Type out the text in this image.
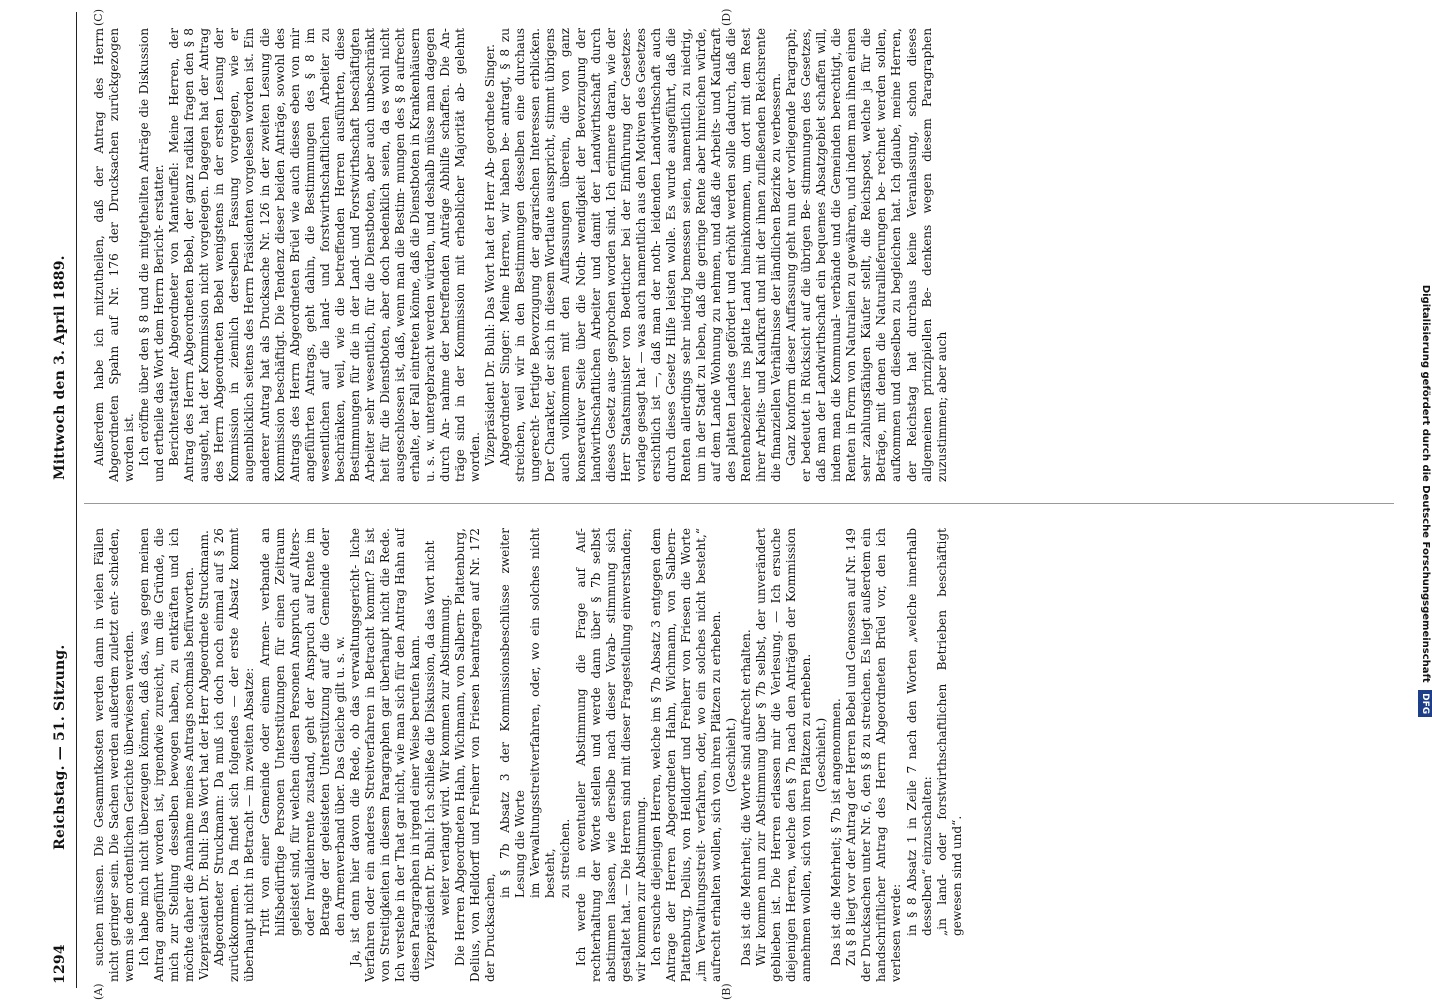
1294
Reichstag. — 51. Sitzung.
Mittwoch den 3. April 1889.
(A)	(B)
(C)	(D)

suchen müssen. Die Gesammtkosten werden dann in vielen Fällen nicht geringer sein. Die Sachen werden außerdem zuletzt ent- schieden, wenn sie dem ordentlichen Gerichte überwiesen werden. Ich habe mich nicht überzeugen können, daß das, was gegen meinen Antrag angeführt worden ist, irgendwie zureicht, um die Gründe, die mich zur Stellung desselben bewogen haben, zu entkräften und ich möchte daher die Annahme meines Antrags nochmals befürworten. Vizepräsident Dr. Buhl: Das Wort hat der Herr Abgeordnete Struckmann. Abgeordneter Struckmann: Da muß ich doch noch einmal auf § 26 zurückkommen. Da findet sich folgendes — der erste Absatz kommt überhaupt nicht in Betracht — im zweiten Absatze: Tritt von einer Gemeinde oder einem Armen- verbande an hilfsbedürftige Personen Unterstützungen für einen Zeitraum geleistet sind, für welchen diesen Personen Anspruch auf Alters- oder Invalidenrente zustand, geht der Anspruch auf Rente im Betrage der geleisteten Unterstützung auf die Gemeinde oder den Armenverband über. Das Gleiche gilt u. s. w. Ja, ist denn hier davon die Rede, ob das verwaltungsgericht- liche Verfahren oder ein anderes Streitverfahren in Betracht kommt? Es ist von Streitigkeiten in diesem Paragraphen gar überhaupt nicht die Rede. Ich verstehe in der That gar nicht, wie man sich für den Antrag Hahn auf diesen Paragraphen in irgend einer Weise berufen kann. Vizepräsident Dr. Buhl: Ich schließe die Diskussion, da das Wort nicht weiter verlangt wird. Wir kommen zur Abstimmung. Die Herren Abgeordneten Hahn, Wichmann, von Salbern- Plattenburg, Delius, von Helldorff und Freiherr von Friesen beantragen auf Nr. 172 der Drucksachen,

in § 7b Absatz 3 der Kommissionsbeschlüsse zweiter Lesung die Worte im Verwaltungsstreitverfahren, oder, wo ein solches nicht besteht, zu streichen. Ich werde in eventueller Abstimmung die Frage auf Auf- rechterhaltung der Worte stellen und werde dann über § 7b selbst abstimmen lassen, wie derselbe nach dieser Vorab- stimmung sich gestaltet hat. — Die Herren sind mit dieser Fragestellung einverstanden; wir kommen zur Abstimmung. Ich ersuche diejenigen Herren, welche im § 7b Absatz 3 entgegen dem Antrage der Herren Abgeordneten Hahn, Wichmann, von Salbern-Plattenburg, Delius, von Helldorff und Freiherr von Friesen die Worte „im Verwaltungsstreit- verfahren, oder, wo ein solches nicht besteht,“ aufrecht erhalten wollen, sich von ihren Plätzen zu erheben. (Geschieht.) Das ist die Mehrheit; die Worte sind aufrecht erhalten. Wir kommen nun zur Abstimmung über § 7b selbst, der unverändert geblieben ist. Die Herren erlassen mir die Verlesung. — Ich ersuche diejenigen Herren, welche den § 7b nach den Anträgen der Kommission annehmen wollen, sich von ihren Plätzen zu erheben. (Geschieht.) Das ist die Mehrheit; § 7b ist angenommen. Zu § 8 liegt vor der Antrag der Herren Bebel und Genossen auf Nr. 149 der Drucksachen unter Nr. 6, den § 8 zu streichen. Es liegt außerdem ein handschriftlicher Antrag des Herrn Abgeordneten Brüel vor, den ich verlesen werde: in § 8 Absatz 1 in Zeile 7 nach den Worten „welche innerhalb desselben“ einzuschalten: „in land- oder forstwirthschaftlichen Betrieben beschäftigt gewesen sind und“.

Außerdem habe ich mitzutheilen, daß der Antrag des Herrn Abgeordneten Spahn auf Nr. 176 der Drucksachen zurückgezogen worden ist. Ich eröffne über den § 8 und die mitgetheilten Anträge die Diskussion und ertheile das Wort dem Herrn Bericht- erstatter. Berichterstatter Abgeordneter von Manteuffel: Meine Herren, der Antrag des Herrn Abgeordneten Bebel, der ganz radikal fragen den § 8 ausgeht, hat der Kommission nicht vorgelegen. Dagegen hat der Antrag des Herrn Abgeordneten Bebel wenigstens in der ersten Lesung der Kommission in ziemlich derselben Fassung vorgelegen, wie er augenblicklich seitens des Herrn Präsidenten vorgelesen worden ist. Ein anderer Antrag hat als Drucksache Nr. 126 in der zweiten Lesung die Kommission beschäftigt. Die Tendenz dieser beiden Anträge, sowohl des Antrags des Herrn Abgeordneten Brüel wie auch dieses eben von mir angeführten Antrags, geht dahin, die Bestimmungen des § 8 im wesentlichen auf die land- und forstwirthschaftlichen Arbeiter zu beschränken, weil, wie die betreffenden Herren ausführten, diese Bestimmungen für die in der Land- und Forstwirthschaft beschäftigten Arbeiter sehr wesentlich, für die Dienstboten, aber auch unbeschränkt heit für die Dienstboten, aber doch bedenklich seien, da es wohl nicht ausgeschlossen ist, daß, wenn man die Bestim- mungen des § 8 aufrecht erhalte, der Fall eintreten könne, daß die Dienstboten in Krankenhäusern u. s. w. untergebracht werden würden, und deshalb müsse man dagegen durch An- nahme der betreffenden Anträge Abhilfe schaffen. Die An- träge sind in der Kommission mit erheblicher Majorität ab- gelehnt worden. Vizepräsident Dr. Buhl: Das Wort hat der Herr Ab- geordnete Singer. Abgeordneter Singer: Meine Herren, wir haben be- antragt, § 8 zu streichen, weil wir in den Bestimmungen desselben eine durchaus ungerecht- fertigte Bevorzugung der agrarischen Interessen erblicken. Der Charakter, der sich in diesem Wortlaute ausspricht, stimmt übrigens auch vollkommen mit den Auffassungen überein, die von ganz konservativer Seite über die Noth- wendigkeit der Bevorzugung der landwirthschaftlichen Arbeiter und damit der Landwirthschaft durch dieses Gesetz aus- gesprochen worden sind. Ich erinnere daran, wie der Herr Staatsminister von Boetticher bei der Einführung der Gesetzes- vorlage gesagt hat — was auch namentlich aus den Motiven des Gesetzes ersichtlich ist —, daß man der noth- leidenden Landwirthschaft auch durch dieses Gesetz Hilfe leisten wolle. Es wurde ausgeführt, daß die Renten allerdings sehr niedrig bemessen seien, namentlich zu niedrig, um in der Stadt zu leben, daß die geringe Rente aber hinreichen würde, auf dem Lande Wohnung zu nehmen, und daß die Arbeits- und Kaufkraft des platten Landes gefördert und erhöht werden solle dadurch, daß die Rentenbezieher ins platte Land hineinkommen, um dort mit dem Rest ihrer Arbeits- und Kaufkraft und mit der ihnen zufließenden Reichsrente die finanziellen Verhältnisse der ländlichen Bezirke zu verbessern. Ganz konform dieser Auffassung geht nun der vorliegende Paragraph; er bedeutet in Rücksicht auf die übrigen Be- stimmungen des Gesetzes, daß man der Landwirthschaft ein bequemes Absatzgebiet schaffen will, indem man die Kommunal- verbände und die Gemeinden berechtigt, die Renten in Form von Naturalien zu gewähren, und indem man ihnen einen sehr zahlungsfähigen Käufer stellt, die Reichspost, welche ja für die Beträge, mit denen die Naturallieferungen be- rechnet werden sollen, aufkommen und dieselben zu begleichen hat. Ich glaube, meine Herren, der Reichstag hat durchaus keine Veranlassung, schon dieses allgemeinen prinzipiellen Be- denkens wegen diesem Paragraphen zuzustimmen; aber auch	Digitalisierung gefördert durch die Deutsche Forschungsgemeinschaft DFG
